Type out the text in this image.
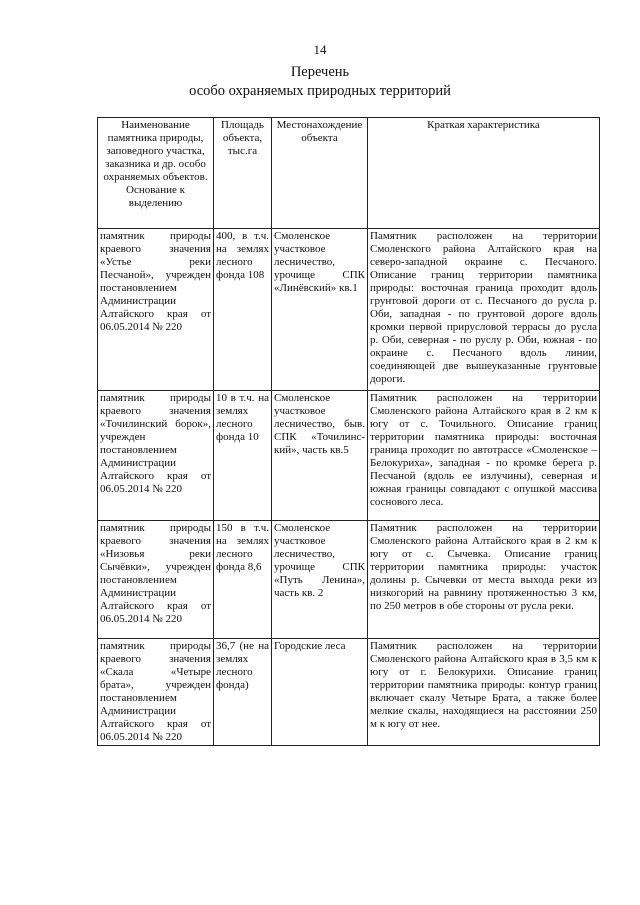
14
Перечень
особо охраняемых природных территорий
Наименование памятника природы, заповедного участка, заказника и др. особо охраняемых объектов. Основание к выделению	Площадь объекта, тыс.га	Местонахождение объекта	Краткая характеристика
памятник природы краевого значения «Устье реки Песчаной», учрежден постановлением Администрации Алтайского края от 06.05.2014 № 220	400, в т.ч. на землях лесного фонда 108	Смоленское участковое лесничество, урочище СПК «Линёвский» кв.1	Памятник расположен на территории Смоленского района Алтайского края на северо-западной окраине с. Песчаного. Описание границ территории памятника природы: восточная граница проходит вдоль грунтовой дороги от с. Песчаного до русла р. Оби, западная - по грунтовой дороге вдоль кромки первой прирусловой террасы до русла р. Оби, северная - по руслу р. Оби, южная - по окраине с. Песчаного вдоль линии, соединяющей две вышеуказанные грунтовые дороги.
памятник природы краевого значения «Точилинский борок», учрежден постановлением Администрации Алтайского края от 06.05.2014 № 220	10 в т.ч. на землях лесного фонда 10	Смоленское участковое лесничество, быв. СПК «Точилинс-кий», часть кв.5	Памятник расположен на территории Смоленского района Алтайского края в 2 км к югу от с. Точильного. Описание границ территории памятника природы: восточная граница проходит по автотрассе «Смоленское – Белокуриха», западная - по кромке берега р. Песчаной (вдоль ее излучины), северная и южная границы совпадают с опушкой массива соснового леса.
памятник природы краевого значения «Низовья реки Сычёвки», учрежден постановлением Администрации Алтайского края от 06.05.2014 № 220	150 в т.ч. на землях лесного фонда 8,6	Смоленское участковое лесничество, урочище СПК «Путь Ленина», часть кв. 2	Памятник расположен на территории Смоленского района Алтайского края в 2 км к югу от с. Сычевка. Описание границ территории памятника природы: участок долины р. Сычевки от места выхода реки из низкогорий на равнину протяженностью 3 км, по 250 метров в обе стороны от русла реки.
памятник природы краевого значения «Скала «Четыре брата», учрежден постановлением Администрации Алтайского края от 06.05.2014 № 220	36,7 (не на землях лесного фонда)	Городские леса	Памятник расположен на территории Смоленского района Алтайского края в 3,5 км к югу от г. Белокурихи. Описание границ территории памятника природы: контур границ включает скалу Четыре Брата, а также более мелкие скалы, находящиеся на расстоянии 250 м к югу от нее.
